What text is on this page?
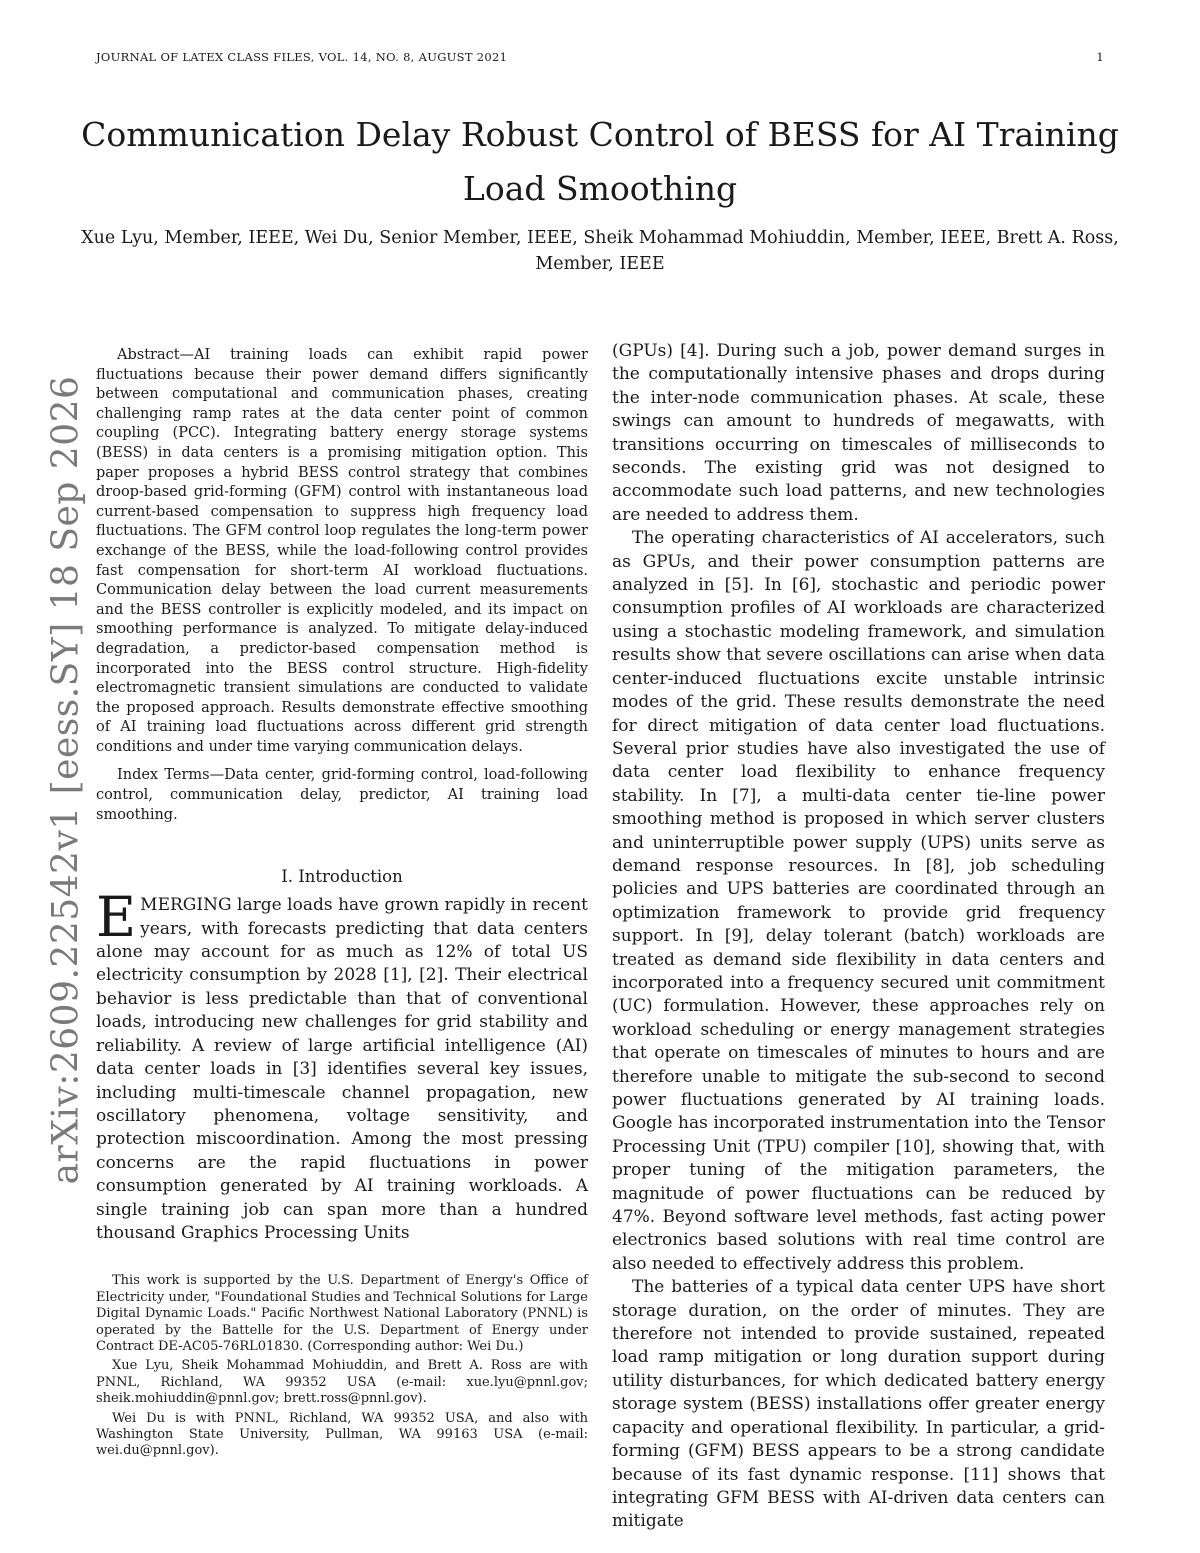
JOURNAL OF LATEX CLASS FILES, VOL. 14, NO. 8, AUGUST 2021	1
Communication Delay Robust Control of BESS for AI Training Load Smoothing

Xue Lyu, Member, IEEE, Wei Du, Senior Member, IEEE, Sheik Mohammad Mohiuddin, Member, IEEE, Brett A. Ross, Member, IEEE

arXiv:2609.22542v1 [eess.SY] 18 Sep 2026

Abstract—AI training loads can exhibit rapid power fluctuations because their power demand differs significantly between computational and communication phases, creating challenging ramp rates at the data center point of common coupling (PCC). Integrating battery energy storage systems (BESS) in data centers is a promising mitigation option. This paper proposes a hybrid BESS control strategy that combines droop-based grid-forming (GFM) control with instantaneous load current-based compensation to suppress high frequency load fluctuations. The GFM control loop regulates the long-term power exchange of the BESS, while the load-following control provides fast compensation for short-term AI workload fluctuations. Communication delay between the load current measurements and the BESS controller is explicitly modeled, and its impact on smoothing performance is analyzed. To mitigate delay-induced degradation, a predictor-based compensation method is incorporated into the BESS control structure. High-fidelity electromagnetic transient simulations are conducted to validate the proposed approach. Results demonstrate effective smoothing of AI training load fluctuations across different grid strength conditions and under time varying communication delays.

Index Terms—Data center, grid-forming control, load-following control, communication delay, predictor, AI training load smoothing.

I. Introduction

EMERGING large loads have grown rapidly in recent years, with forecasts predicting that data centers alone may account for as much as 12% of total US electricity consumption by 2028 [1], [2]. Their electrical behavior is less predictable than that of conventional loads, introducing new challenges for grid stability and reliability. A review of large artificial intelligence (AI) data center loads in [3] identifies several key issues, including multi-timescale channel propagation, new oscillatory phenomena, voltage sensitivity, and protection miscoordination. Among the most pressing concerns are the rapid fluctuations in power consumption generated by AI training workloads. A single training job can span more than a hundred thousand Graphics Processing Units

This work is supported by the U.S. Department of Energy's Office of Electricity under, "Foundational Studies and Technical Solutions for Large Digital Dynamic Loads." Pacific Northwest National Laboratory (PNNL) is operated by the Battelle for the U.S. Department of Energy under Contract DE-AC05-76RL01830. (Corresponding author: Wei Du.)

Xue Lyu, Sheik Mohammad Mohiuddin, and Brett A. Ross are with PNNL, Richland, WA 99352 USA (e-mail: xue.lyu@pnnl.gov; sheik.mohiuddin@pnnl.gov; brett.ross@pnnl.gov).

Wei Du is with PNNL, Richland, WA 99352 USA, and also with Washington State University, Pullman, WA 99163 USA (e-mail: wei.du@pnnl.gov).

(GPUs) [4]. During such a job, power demand surges in the computationally intensive phases and drops during the inter-node communication phases. At scale, these swings can amount to hundreds of megawatts, with transitions occurring on timescales of milliseconds to seconds. The existing grid was not designed to accommodate such load patterns, and new technologies are needed to address them.

The operating characteristics of AI accelerators, such as GPUs, and their power consumption patterns are analyzed in [5]. In [6], stochastic and periodic power consumption profiles of AI workloads are characterized using a stochastic modeling framework, and simulation results show that severe oscillations can arise when data center-induced fluctuations excite unstable intrinsic modes of the grid. These results demonstrate the need for direct mitigation of data center load fluctuations. Several prior studies have also investigated the use of data center load flexibility to enhance frequency stability. In [7], a multi-data center tie-line power smoothing method is proposed in which server clusters and uninterruptible power supply (UPS) units serve as demand response resources. In [8], job scheduling policies and UPS batteries are coordinated through an optimization framework to provide grid frequency support. In [9], delay tolerant (batch) workloads are treated as demand side flexibility in data centers and incorporated into a frequency secured unit commitment (UC) formulation. However, these approaches rely on workload scheduling or energy management strategies that operate on timescales of minutes to hours and are therefore unable to mitigate the sub-second to second power fluctuations generated by AI training loads. Google has incorporated instrumentation into the Tensor Processing Unit (TPU) compiler [10], showing that, with proper tuning of the mitigation parameters, the magnitude of power fluctuations can be reduced by 47%. Beyond software level methods, fast acting power electronics based solutions with real time control are also needed to effectively address this problem.

The batteries of a typical data center UPS have short storage duration, on the order of minutes. They are therefore not intended to provide sustained, repeated load ramp mitigation or long duration support during utility disturbances, for which dedicated battery energy storage system (BESS) installations offer greater energy capacity and operational flexibility. In particular, a grid-forming (GFM) BESS appears to be a strong candidate because of its fast dynamic response. [11] shows that integrating GFM BESS with AI-driven data centers can mitigate
